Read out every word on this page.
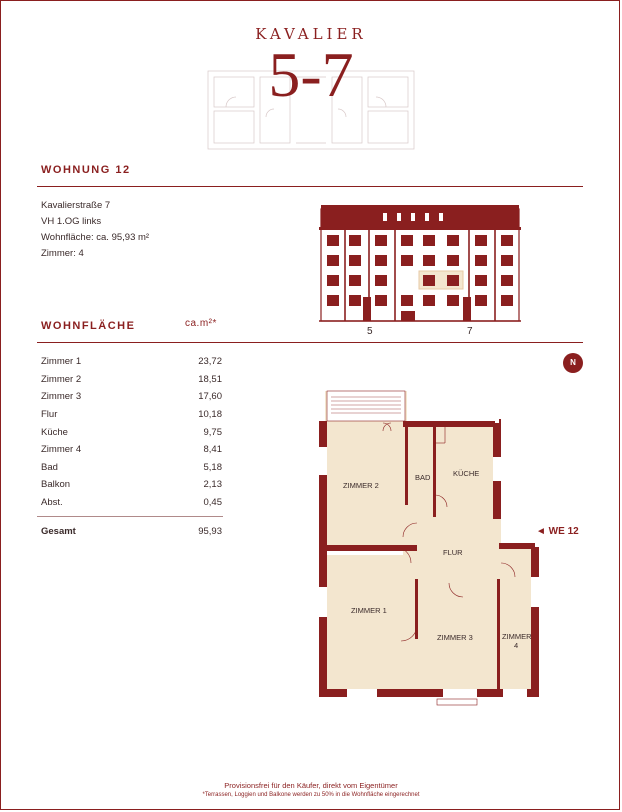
KAVALIER
5-7
WOHNUNG 12
Kavalierstraße 7
VH 1.OG links
Wohnfläche: ca. 95,93 m²
Zimmer: 4
5	7
WOHNFLÄCHE	ca.m²*
Zimmer 1	23,72
Zimmer 2	18,51
Zimmer 3	17,60
Flur	10,18
Küche	9,75
Zimmer 4	8,41
Bad	5,18
Balkon	2,13
Abst.	0,45
Gesamt	95,93
N
ZIMMER 2
BAD	KÜCHE
FLUR
ZIMMER 1
ZIMMER 3	ZIMMER
4
◄ WE 12
Provisionsfrei für den Käufer, direkt vom Eigentümer
*Terrassen, Loggien und Balkone werden zu 50% in die Wohnfläche eingerechnet
